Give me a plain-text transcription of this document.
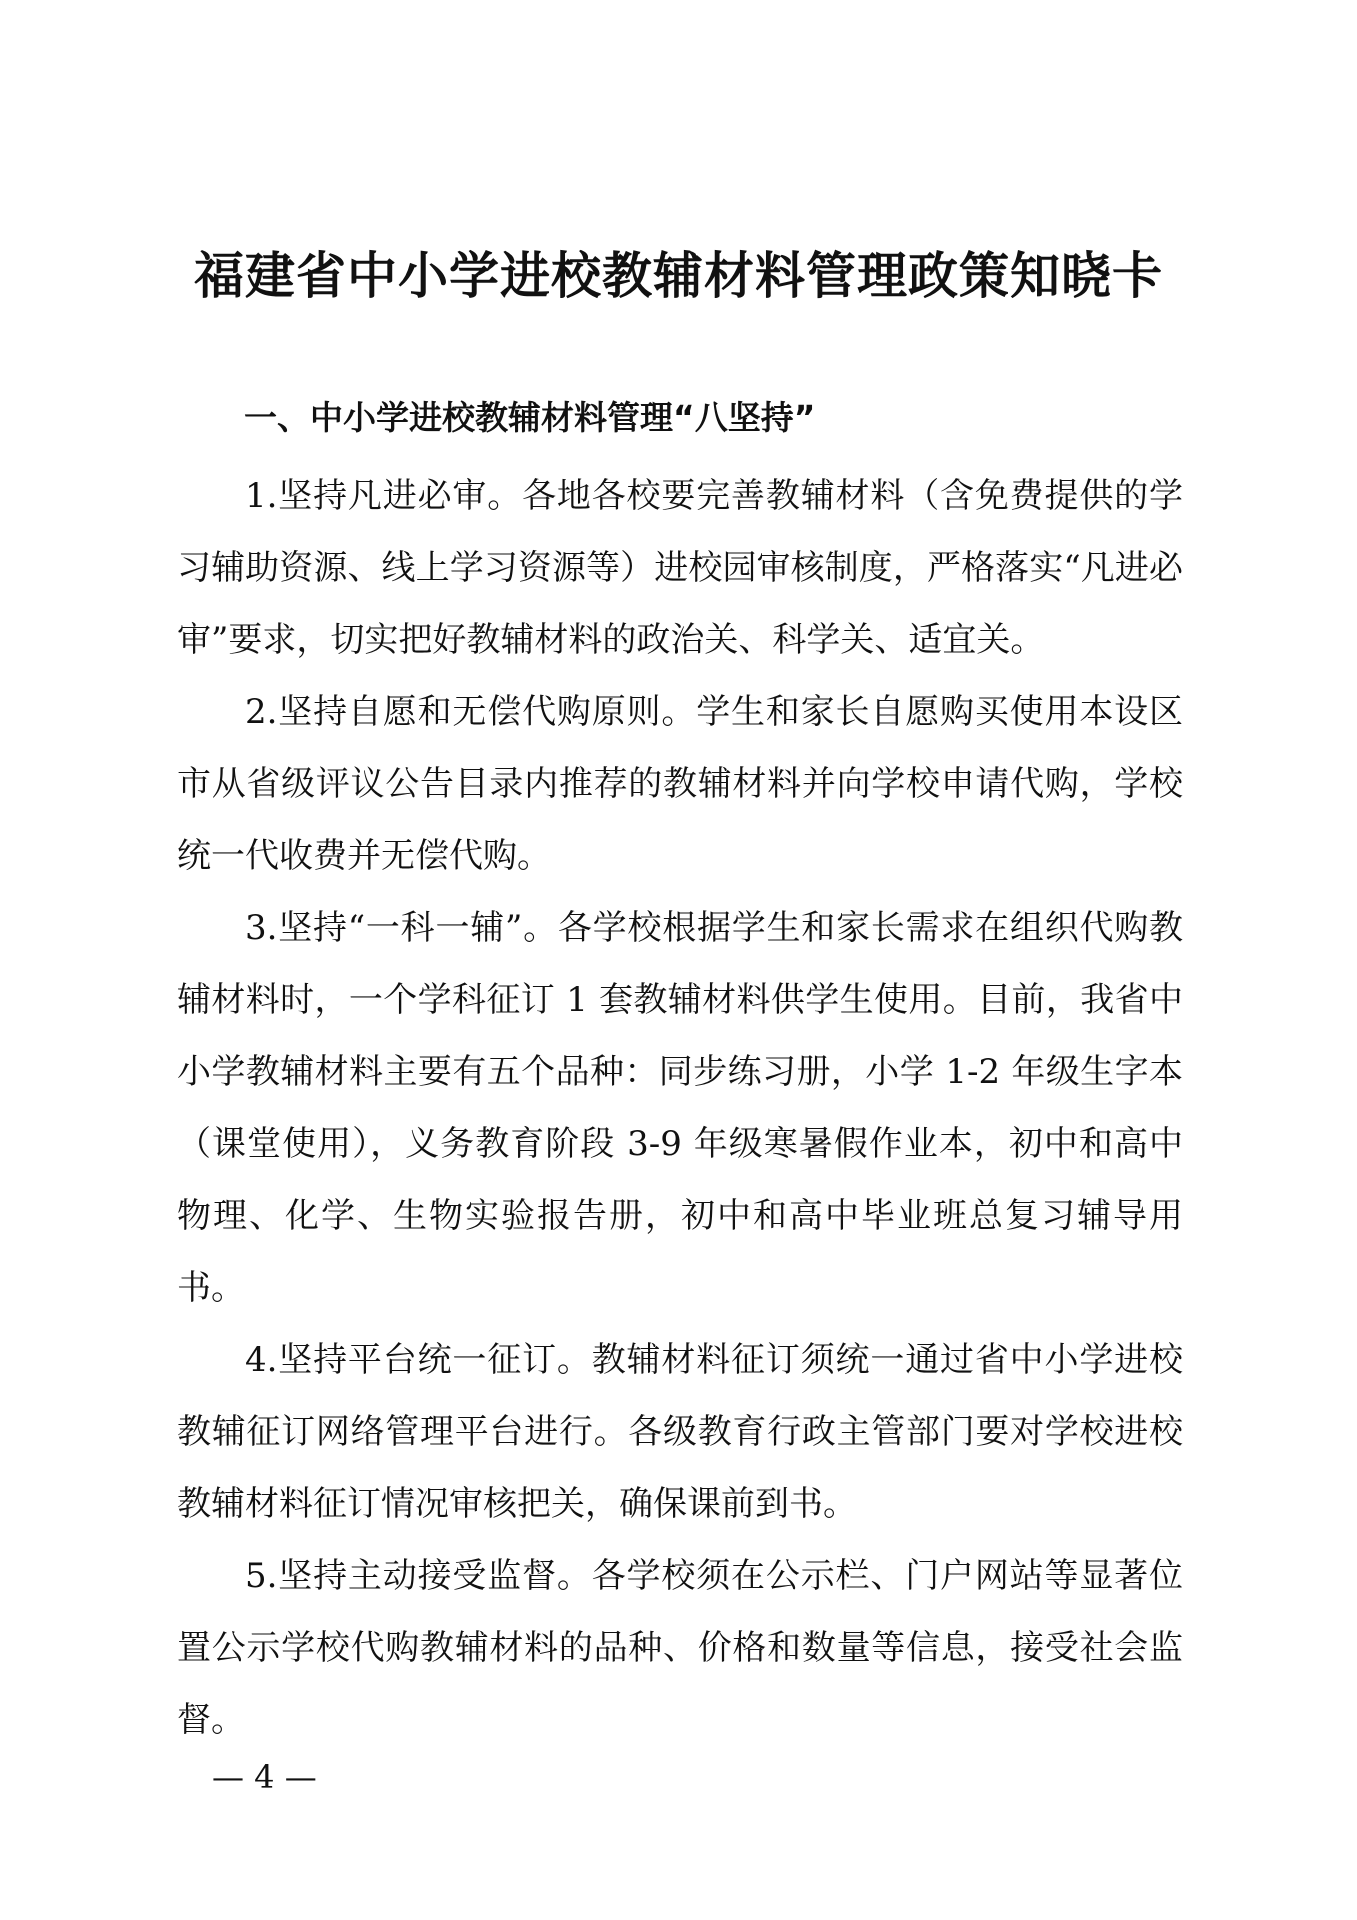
福建省中小学进校教辅材料管理政策知晓卡
一、中小学进校教辅材料管理“八坚持”

1.坚持凡进必审。各地各校要完善教辅材料（含免费提供的学习辅助资源、线上学习资源等）进校园审核制度，严格落实“凡进必审”要求，切实把好教辅材料的政治关、科学关、适宜关。

2.坚持自愿和无偿代购原则。学生和家长自愿购买使用本设区市从省级评议公告目录内推荐的教辅材料并向学校申请代购，学校统一代收费并无偿代购。

3.坚持“一科一辅”。各学校根据学生和家长需求在组织代购教辅材料时，一个学科征订 1 套教辅材料供学生使用。目前，我省中小学教辅材料主要有五个品种：同步练习册，小学 1-2 年级生字本（课堂使用），义务教育阶段 3-9 年级寒暑假作业本，初中和高中物理、化学、生物实验报告册，初中和高中毕业班总复习辅导用书。

4.坚持平台统一征订。教辅材料征订须统一通过省中小学进校教辅征订网络管理平台进行。各级教育行政主管部门要对学校进校教辅材料征订情况审核把关，确保课前到书。

5.坚持主动接受监督。各学校须在公示栏、门户网站等显著位置公示学校代购教辅材料的品种、价格和数量等信息，接受社会监督。

— 4 —
